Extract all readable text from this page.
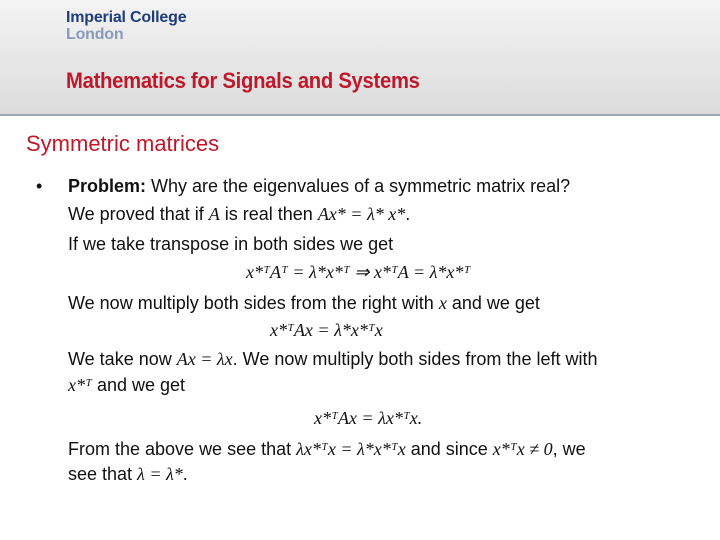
Imperial College
London
Mathematics for Signals and Systems
Symmetric matrices
• Problem: Why are the eigenvalues of a symmetric matrix real?
We proved that if A is real then Ax* = λ* x*.
If we take transpose in both sides we get
x*ᵀAᵀ = λ*x*ᵀ ⇒ x*ᵀA = λ*x*ᵀ
We now multiply both sides from the right with x and we get
x*ᵀAx = λ*x*ᵀx
We take now Ax = λx. We now multiply both sides from the left with
x*ᵀ and we get
x*ᵀAx = λx*ᵀx.
From the above we see that λx*ᵀx = λ*x*ᵀx and since x*ᵀx ≠ 0, we
see that λ = λ*.
